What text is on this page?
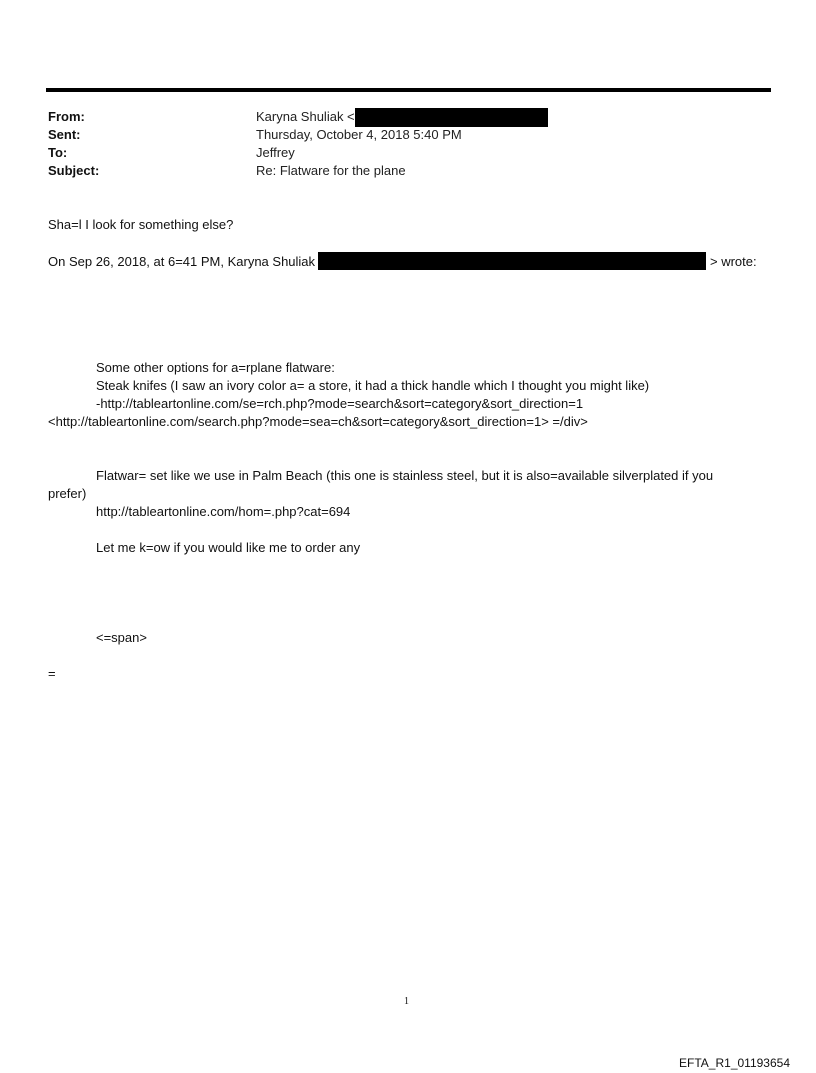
From:	Karyna Shuliak <
Sent:	Thursday, October 4, 2018 5:40 PM
To:	Jeffrey
Subject:	Re: Flatware for the plane
Sha=l I look for something else?
On Sep 26, 2018, at 6=41 PM, Karyna Shuliak	> wrote:
Some other options for a=rplane flatware:
Steak knifes (I saw an ivory color a= a store, it had a thick handle which I thought you might like)
-http://tableartonline.com/se=rch.php?mode=search&sort=category&sort_direction=1
<http://tableartonline.com/search.php?mode=sea=ch&sort=category&sort_direction=1> =/div>
Flatwar= set like we use in Palm Beach (this one is stainless steel, but it is also=available silverplated if you
prefer)
http://tableartonline.com/hom=.php?cat=694
Let me k=ow if you would like me to order any
<=span>
=
1
EFTA_R1_01193654
